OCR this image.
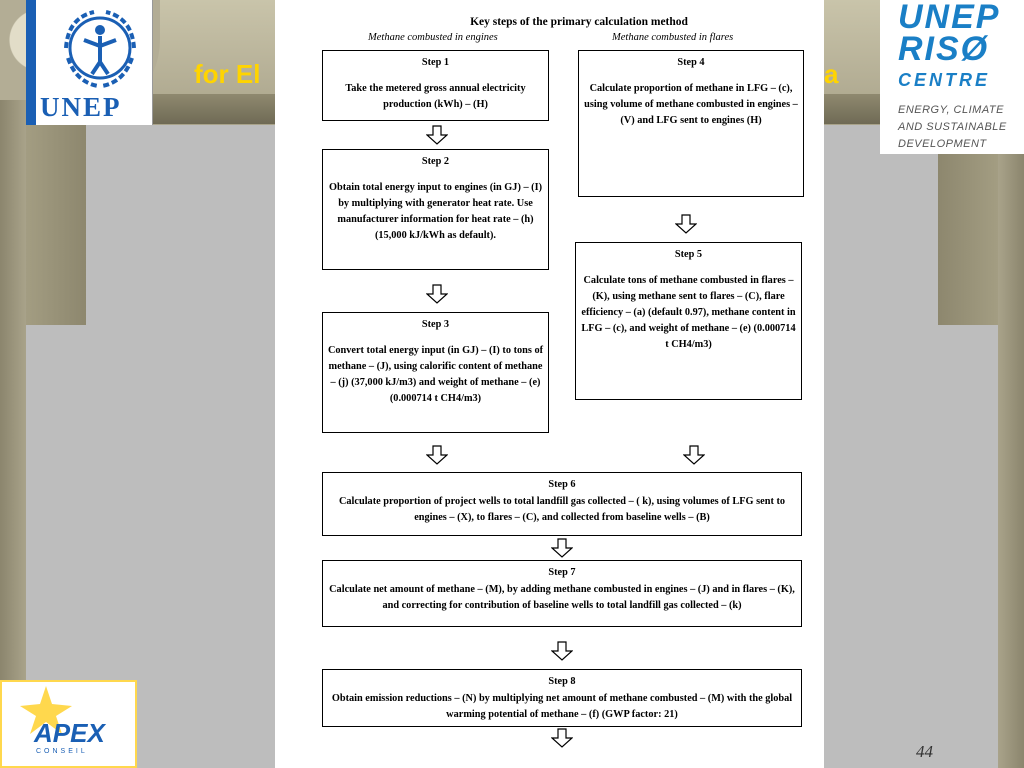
for El	a
UNEP
UNEP
RISØ
CENTRE
ENERGY, CLIMATE
AND SUSTAINABLE
DEVELOPMENT
APEX
CONSEIL	44
Key steps of the primary calculation method
Methane combusted in engines	Methane combusted in flares
Step 1
Take the metered gross annual electricity production (kWh) – (H)
Step 2
Obtain total energy input to engines (in GJ) – (I) by multiplying with generator heat rate. Use manufacturer information for heat rate – (h) (15,000 kJ/kWh as default).
Step 3
Convert total energy input (in GJ) – (I) to tons of methane – (J), using calorific content of methane – (j) (37,000 kJ/m3) and weight of methane – (e) (0.000714 t CH4/m3)
Step 4
Calculate proportion of methane in LFG – (c), using volume of methane combusted in engines – (V) and LFG sent to engines (H)
Step 5
Calculate tons of methane combusted in flares – (K), using methane sent to flares – (C), flare efficiency – (a) (default 0.97), methane content in LFG – (c), and weight of methane – (e) (0.000714 t CH4/m3)
Step 6
Calculate proportion of project wells to total landfill gas collected – ( k), using volumes of LFG sent to engines – (X), to flares – (C), and collected from baseline wells – (B)
Step 7
Calculate net amount of methane – (M), by adding methane combusted in engines – (J) and in flares – (K), and correcting for contribution of baseline wells to total landfill gas collected – (k)
Step 8
Obtain emission reductions – (N) by multiplying net amount of methane combusted – (M) with the global warming potential of methane – (f) (GWP factor: 21)
